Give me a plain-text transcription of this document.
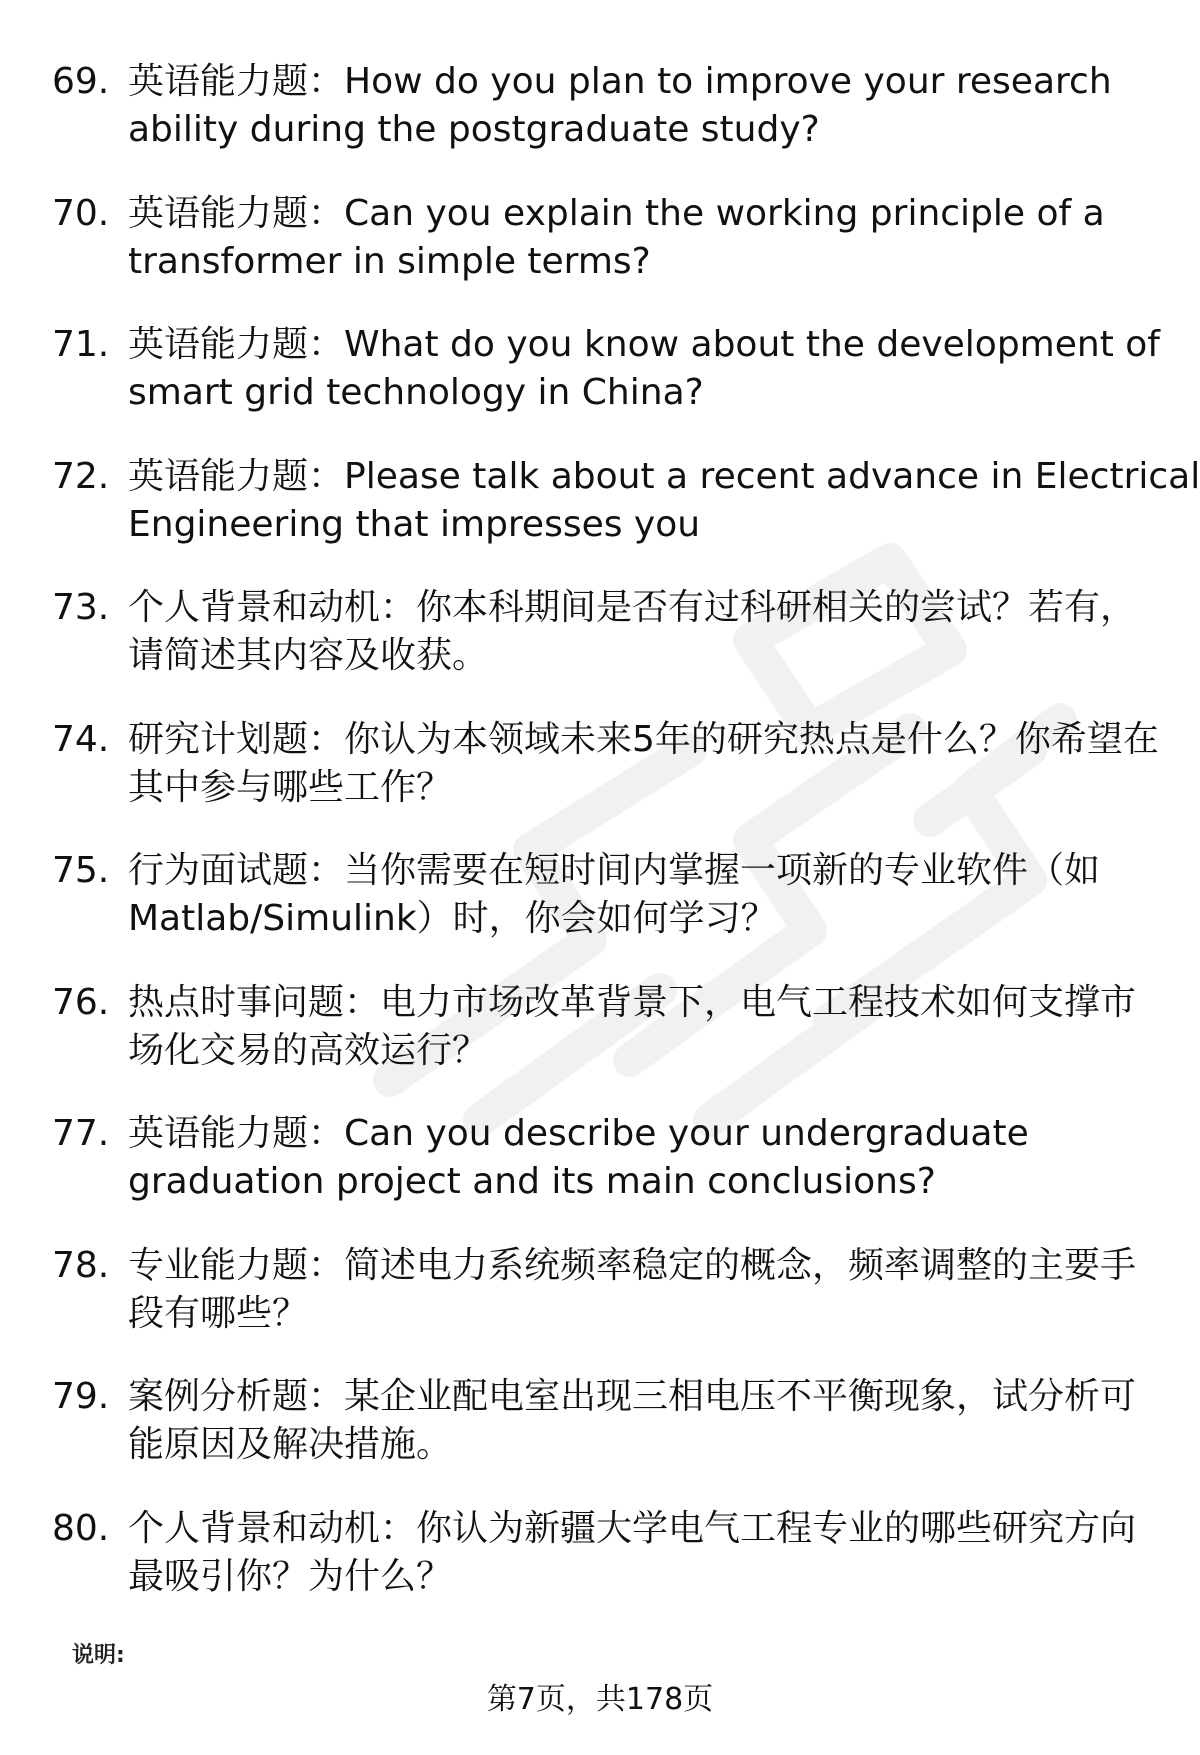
69. 英语能力题：How do you plan to improve your research
ability during the postgraduate study?
70. 英语能力题：Can you explain the working principle of a
transformer in simple terms?
71. 英语能力题：What do you know about the development of
smart grid technology in China?
72. 英语能力题：Please talk about a recent advance in Electrical
Engineering that impresses you
73. 个人背景和动机：你本科期间是否有过科研相关的尝试？若有，
请简述其内容及收获。
74. 研究计划题：你认为本领域未来5年的研究热点是什么？你希望在
其中参与哪些工作？
75. 行为面试题：当你需要在短时间内掌握一项新的专业软件（如
Matlab/Simulink）时，你会如何学习？
76. 热点时事问题：电力市场改革背景下，电气工程技术如何支撑市
场化交易的高效运行？
77. 英语能力题：Can you describe your undergraduate
graduation project and its main conclusions?
78. 专业能力题：简述电力系统频率稳定的概念，频率调整的主要手
段有哪些？
79. 案例分析题：某企业配电室出现三相电压不平衡现象，试分析可
能原因及解决措施。
80. 个人背景和动机：你认为新疆大学电气工程专业的哪些研究方向
最吸引你？为什么？
说明:
第7页，共178页
